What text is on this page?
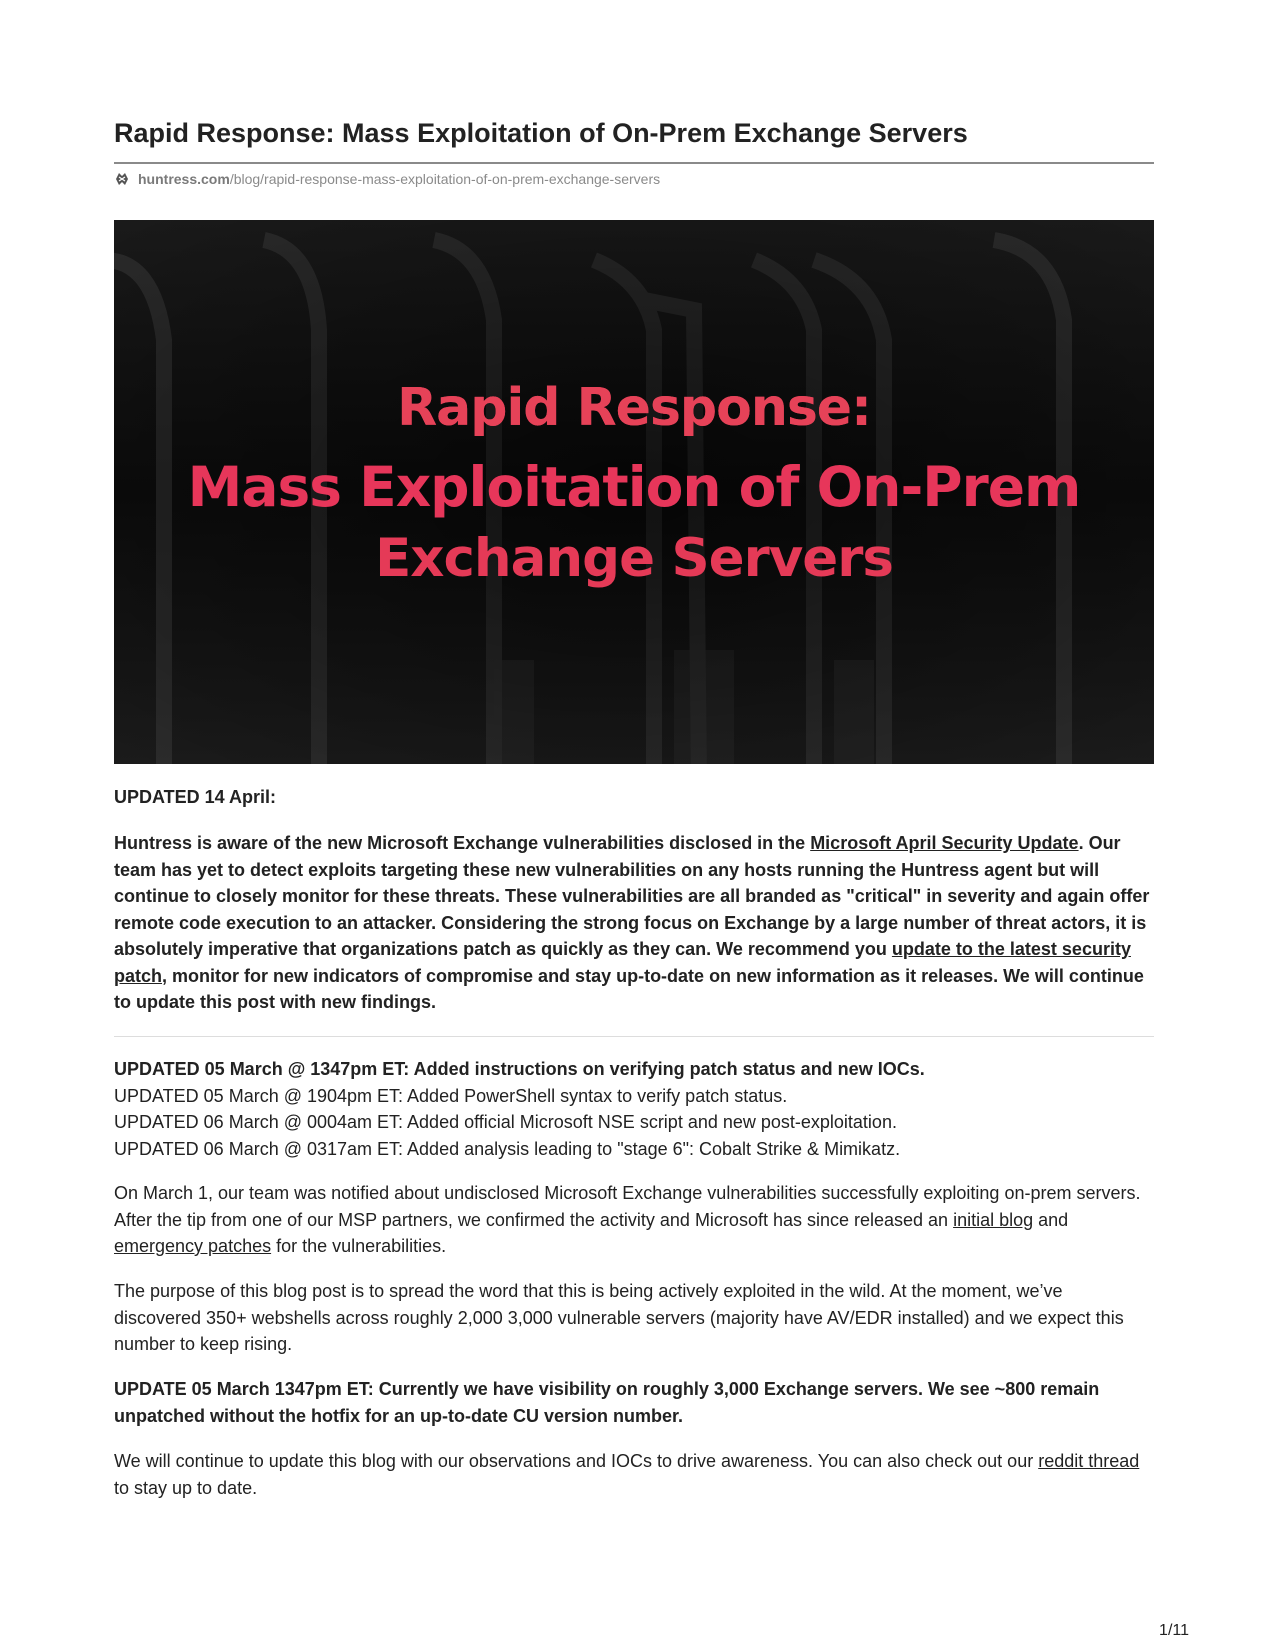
Rapid Response: Mass Exploitation of On-Prem Exchange Servers
huntress.com /blog/rapid-response-mass-exploitation-of-on-prem-exchange-servers
Rapid Response:
Mass Exploitation of On-Prem
Exchange Servers
UPDATED 14 April:

Huntress is aware of the new Microsoft Exchange vulnerabilities disclosed in the Microsoft April Security Update. Our team has yet to detect exploits targeting these new vulnerabilities on any hosts running the Huntress agent but will continue to closely monitor for these threats. These vulnerabilities are all branded as "critical" in severity and again offer remote code execution to an attacker. Considering the strong focus on Exchange by a large number of threat actors, it is absolutely imperative that organizations patch as quickly as they can. We recommend you update to the latest security patch, monitor for new indicators of compromise and stay up-to-date on new information as it releases. We will continue to update this post with new findings.

UPDATED 05 March @ 1347pm ET: Added instructions on verifying patch status and new IOCs.
UPDATED 05 March @ 1904pm ET: Added PowerShell syntax to verify patch status.
UPDATED 06 March @ 0004am ET: Added official Microsoft NSE script and new post-exploitation.
UPDATED 06 March @ 0317am ET: Added analysis leading to "stage 6": Cobalt Strike & Mimikatz.

On March 1, our team was notified about undisclosed Microsoft Exchange vulnerabilities successfully exploiting on-prem servers. After the tip from one of our MSP partners, we confirmed the activity and Microsoft has since released an initial blog and emergency patches for the vulnerabilities.

The purpose of this blog post is to spread the word that this is being actively exploited in the wild. At the moment, we’ve discovered 350+ webshells across roughly 2,000 3,000 vulnerable servers (majority have AV/EDR installed) and we expect this number to keep rising.

UPDATE 05 March 1347pm ET: Currently we have visibility on roughly 3,000 Exchange servers. We see ~800 remain unpatched without the hotfix for an up-to-date CU version number.

We will continue to update this blog with our observations and IOCs to drive awareness. You can also check out our reddit thread to stay up to date.

1/11
